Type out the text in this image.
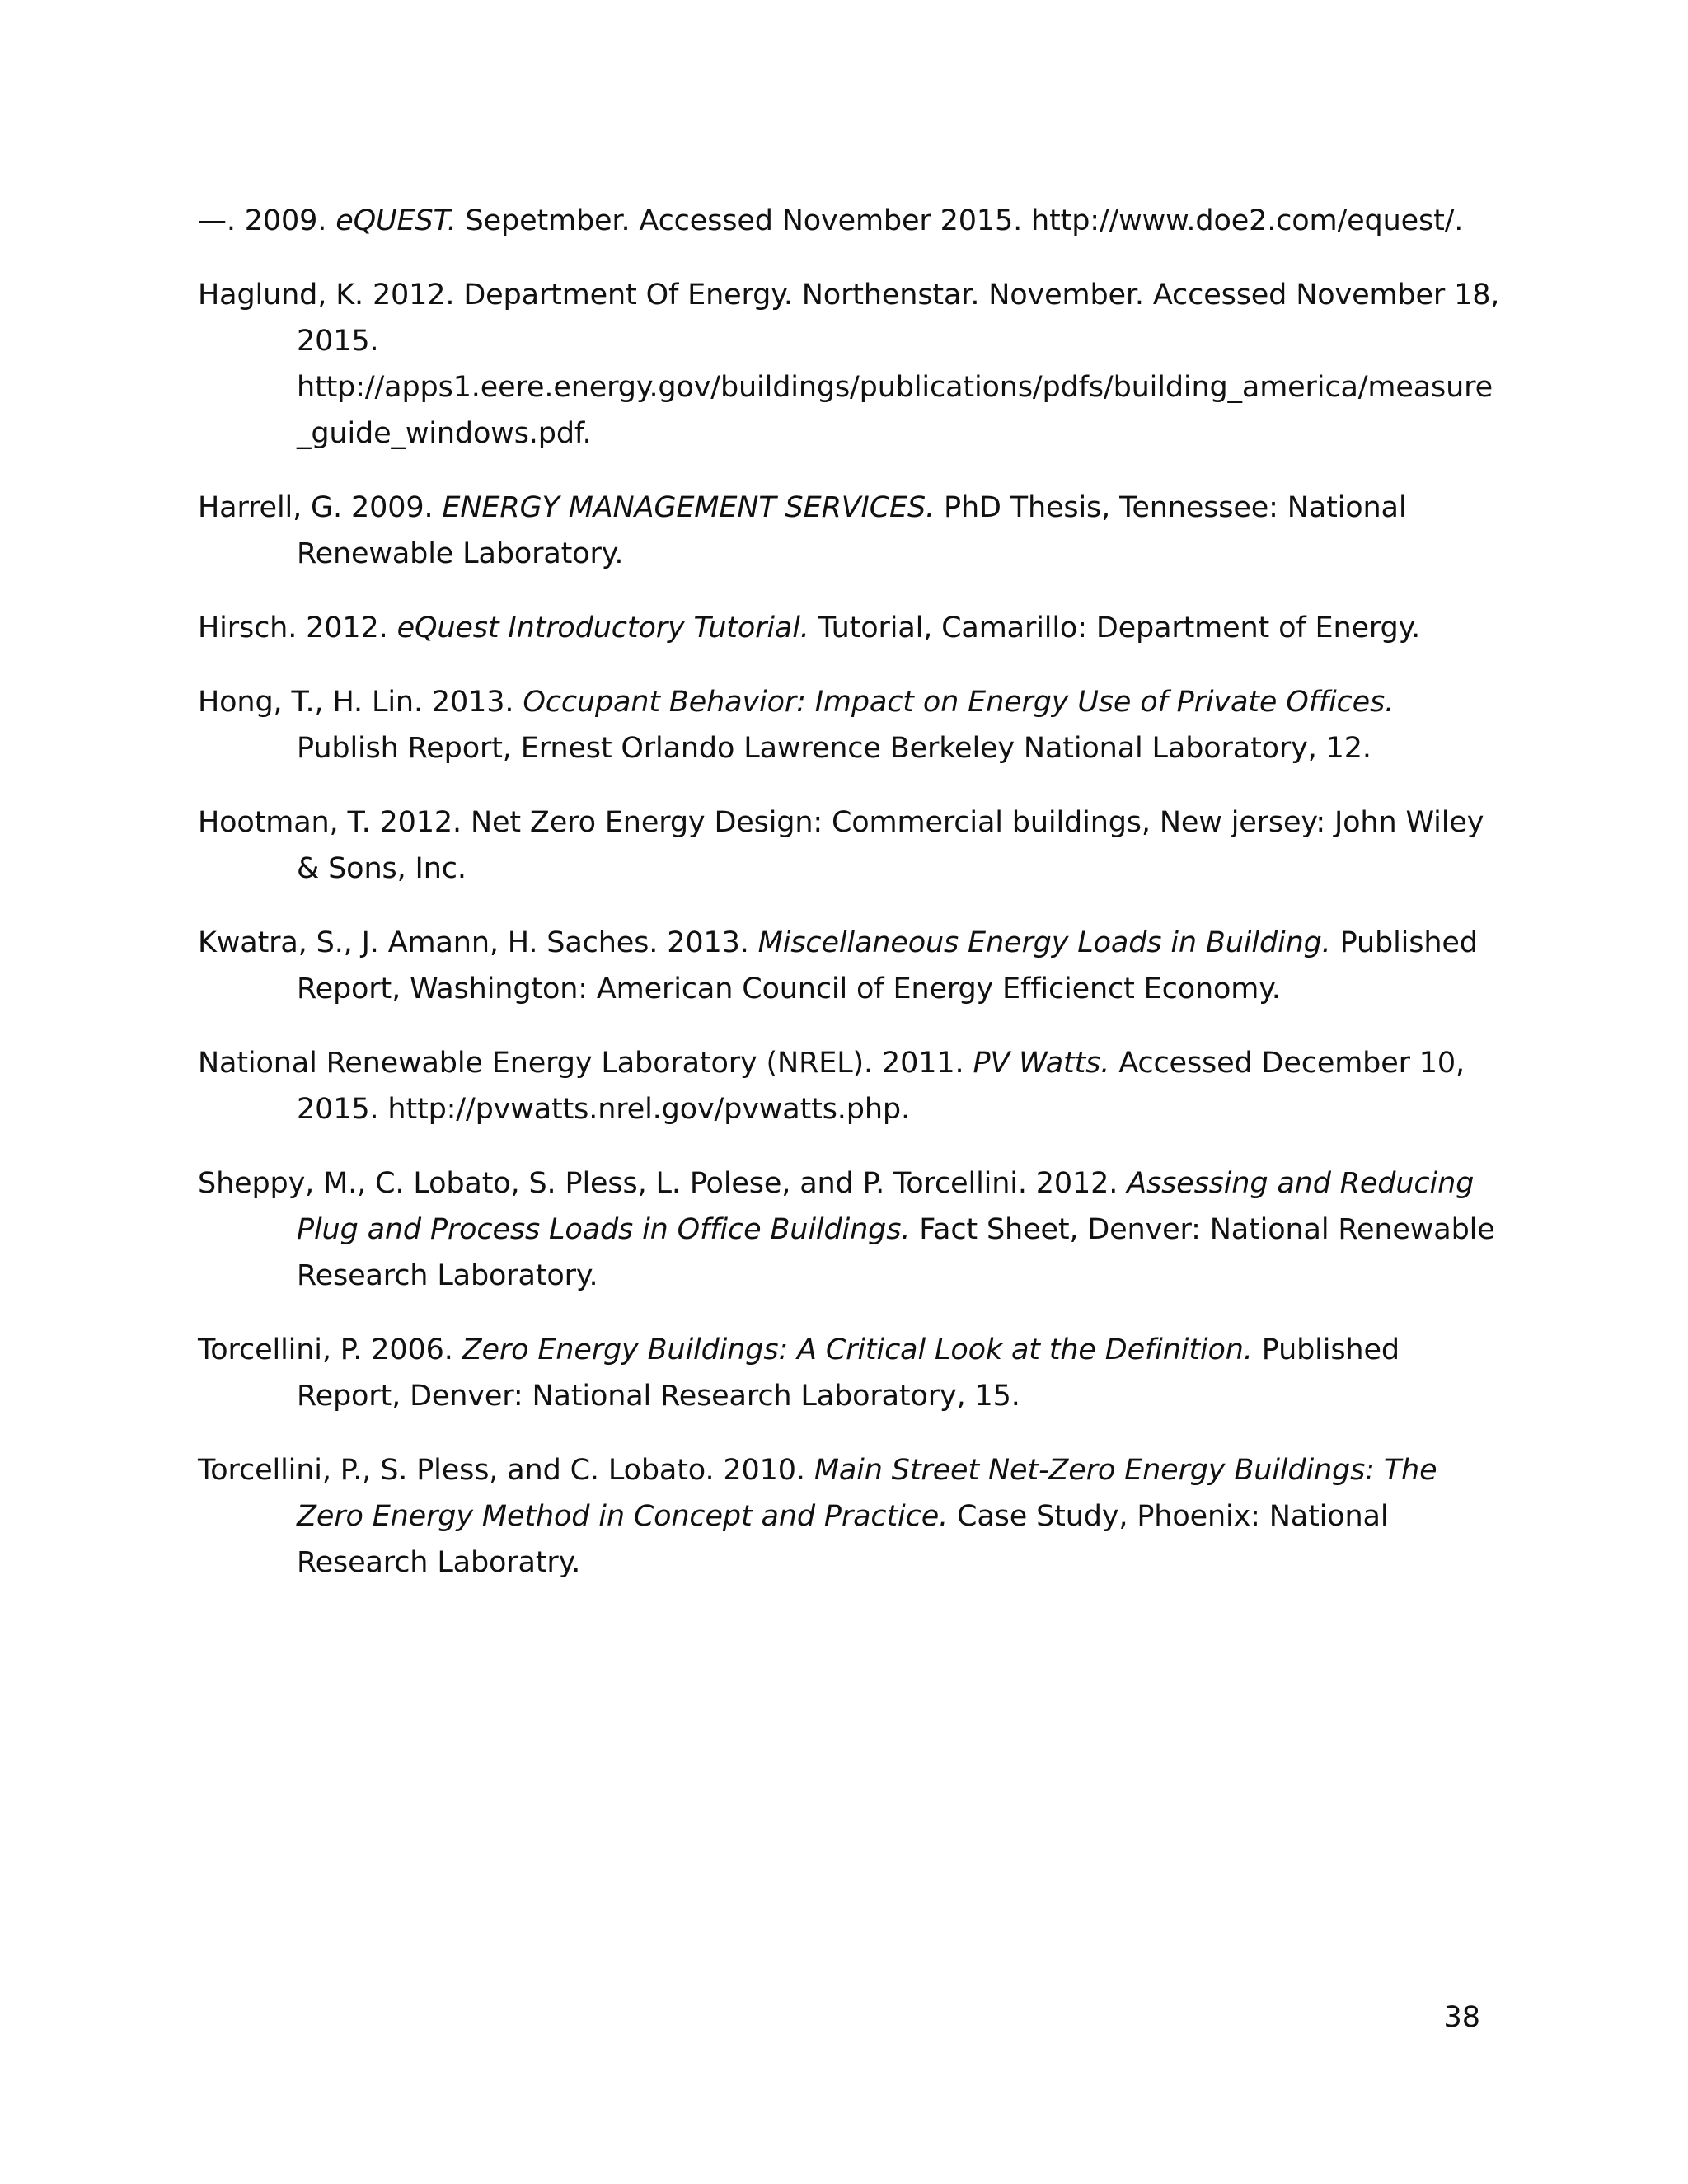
—. 2009. eQUEST. Sepetmber. Accessed November 2015. http://www.doe2.com/equest/.

Haglund, K. 2012. Department Of Energy. Northenstar. November. Accessed November 18, 2015. http://apps1.eere.energy.gov/buildings/publications/pdfs/building_america/measure_guide_windows.pdf.

Harrell, G. 2009. ENERGY MANAGEMENT SERVICES. PhD Thesis, Tennessee: National Renewable Laboratory.

Hirsch. 2012. eQuest Introductory Tutorial. Tutorial, Camarillo: Department of Energy.

Hong, T., H. Lin. 2013. Occupant Behavior: Impact on Energy Use of Private Offices. Publish Report, Ernest Orlando Lawrence Berkeley National Laboratory, 12.

Hootman, T. 2012. Net Zero Energy Design: Commercial buildings, New jersey: John Wiley & Sons, Inc.

Kwatra, S., J. Amann, H. Saches. 2013. Miscellaneous Energy Loads in Building. Published Report, Washington: American Council of Energy Efficienct Economy.

National Renewable Energy Laboratory (NREL). 2011. PV Watts. Accessed December 10, 2015. http://pvwatts.nrel.gov/pvwatts.php.

Sheppy, M., C. Lobato, S. Pless, L. Polese, and P. Torcellini. 2012. Assessing and Reducing Plug and Process Loads in Office Buildings. Fact Sheet, Denver: National Renewable Research Laboratory.

Torcellini, P. 2006. Zero Energy Buildings: A Critical Look at the Definition. Published Report, Denver: National Research Laboratory, 15.

Torcellini, P., S. Pless, and C. Lobato. 2010. Main Street Net-Zero Energy Buildings: The Zero Energy Method in Concept and Practice. Case Study, Phoenix: National Research Laboratry.

38
